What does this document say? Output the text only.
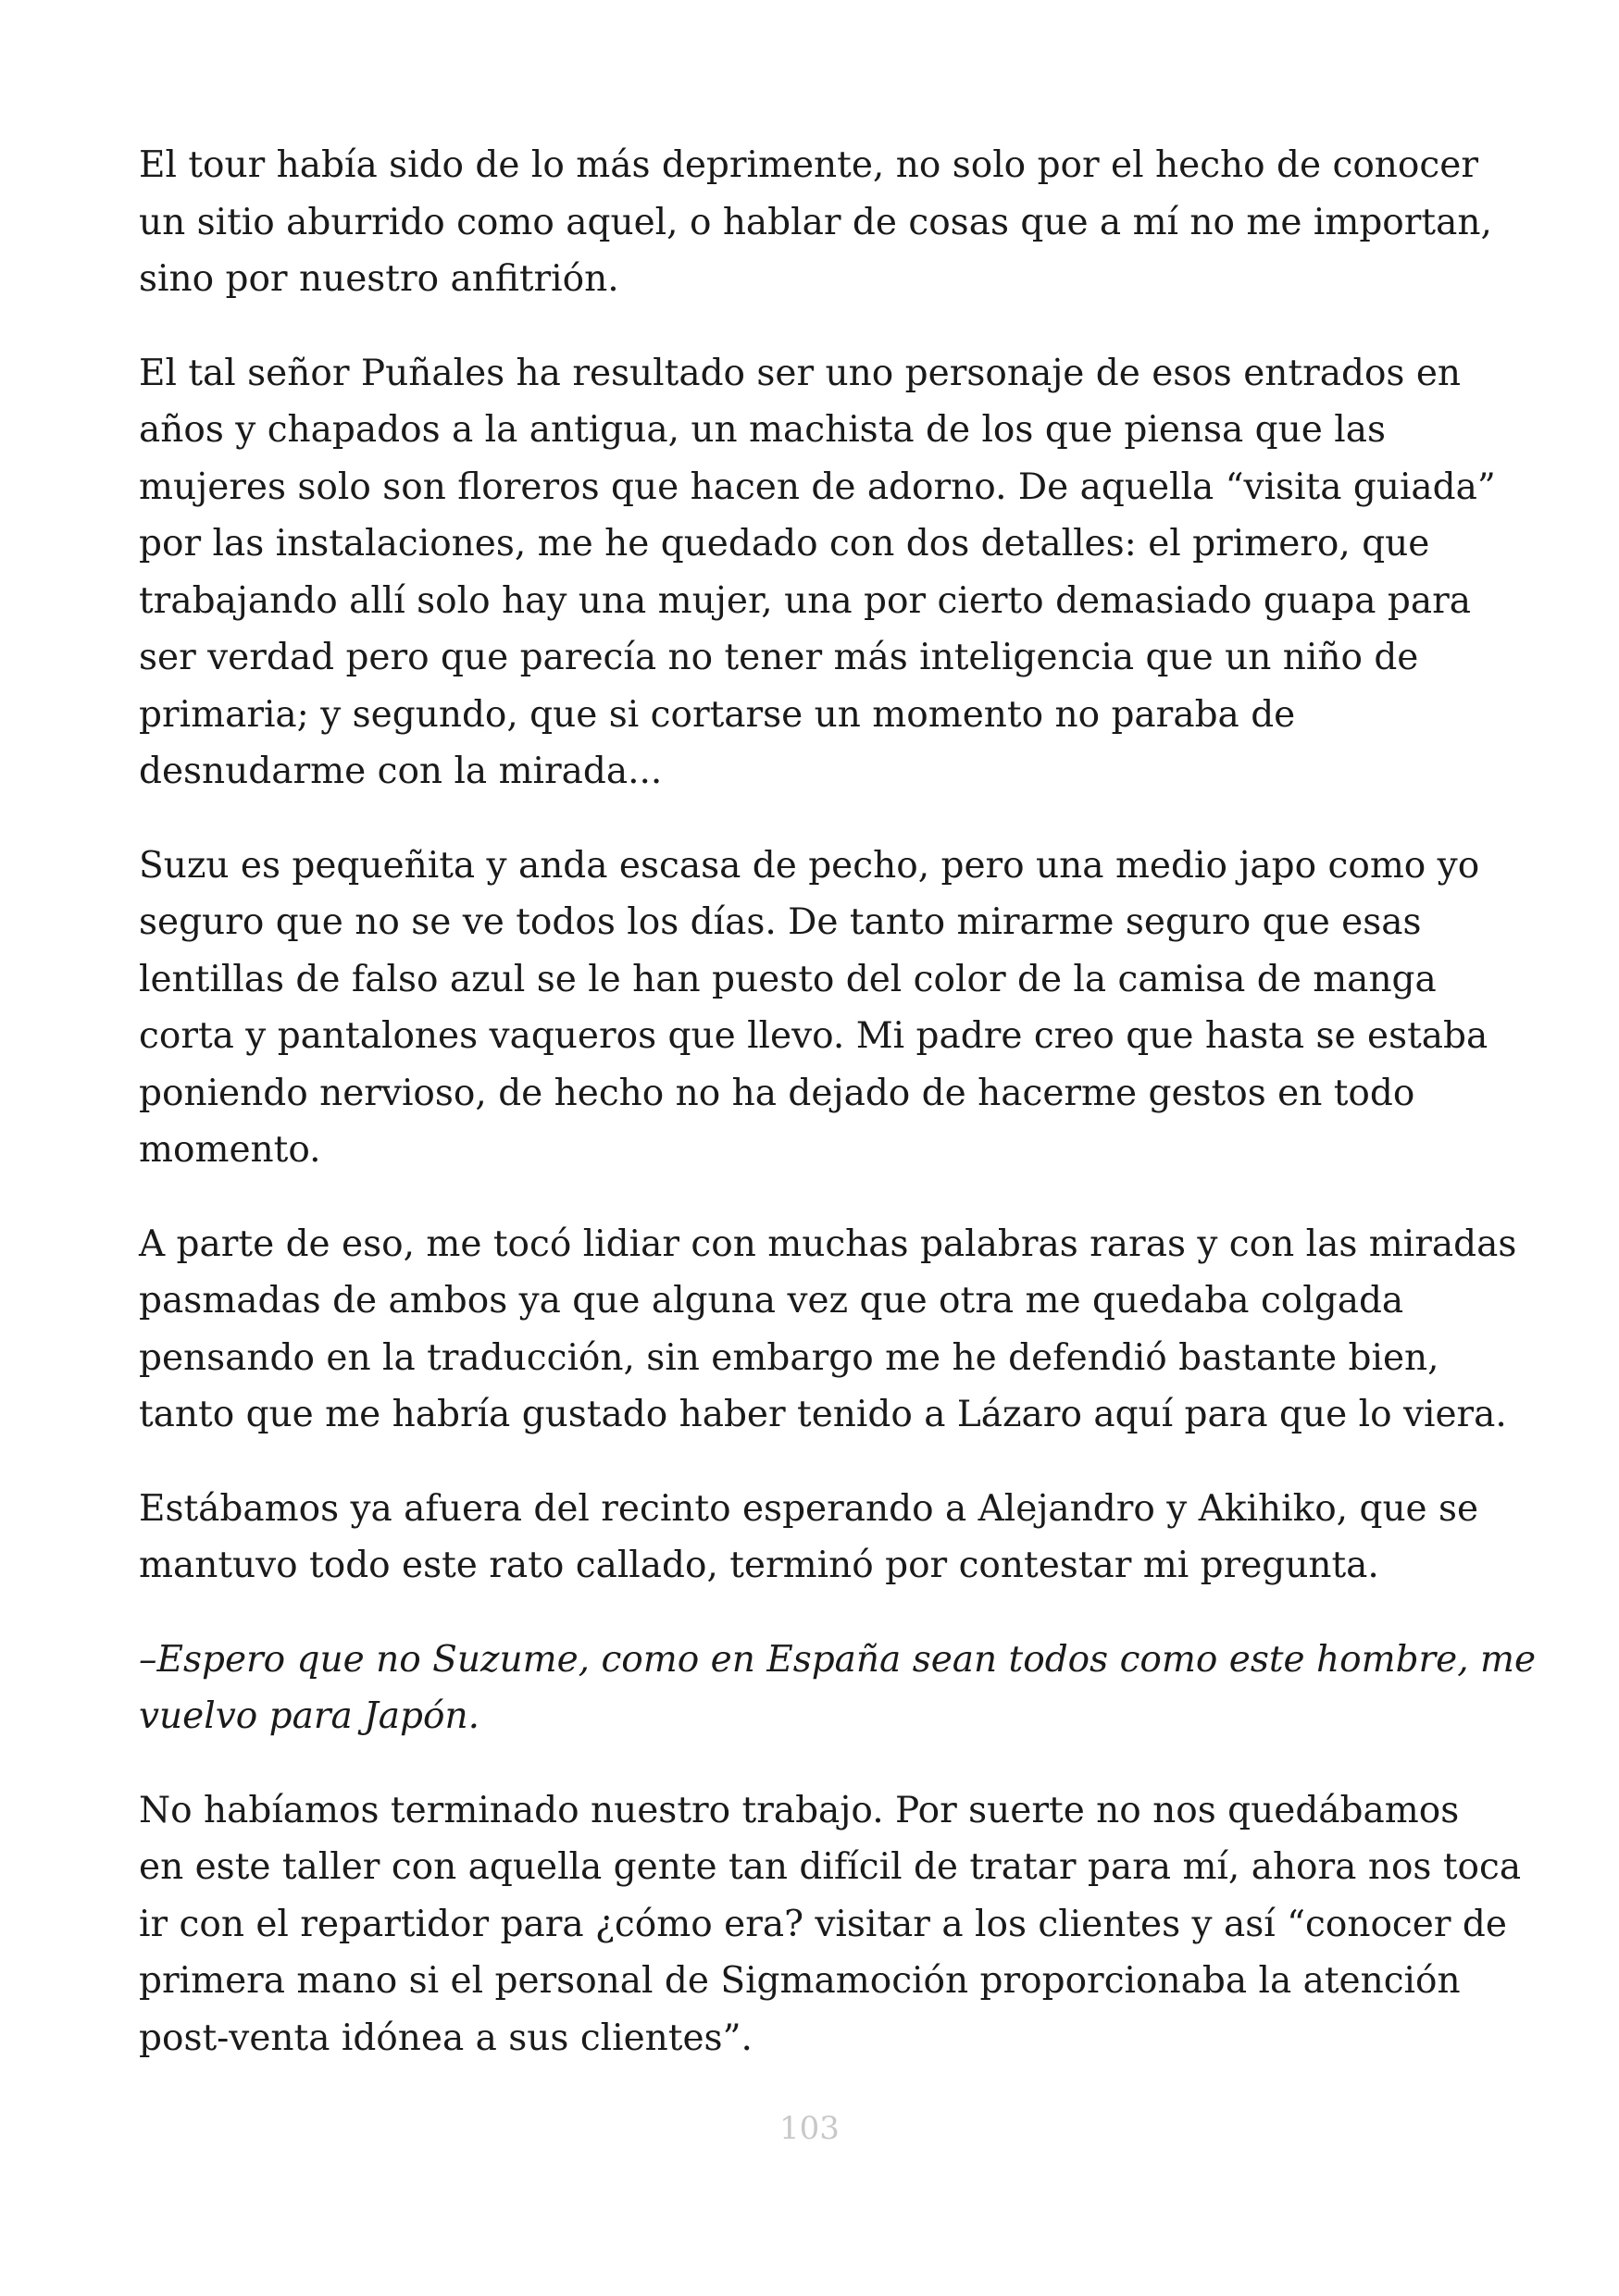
El tour había sido de lo más deprimente, no solo por el hecho de conocer
un sitio aburrido como aquel, o hablar de cosas que a mí no me importan,
sino por nuestro anfitrión.

El tal señor Puñales ha resultado ser uno personaje de esos entrados en
años y chapados a la antigua, un machista de los que piensa que las
mujeres solo son floreros que hacen de adorno. De aquella “visita guiada”
por las instalaciones, me he quedado con dos detalles: el primero, que
trabajando allí solo hay una mujer, una por cierto demasiado guapa para
ser verdad pero que parecía no tener más inteligencia que un niño de
primaria; y segundo, que si cortarse un momento no paraba de
desnudarme con la mirada...

Suzu es pequeñita y anda escasa de pecho, pero una medio japo como yo
seguro que no se ve todos los días. De tanto mirarme seguro que esas
lentillas de falso azul se le han puesto del color de la camisa de manga
corta y pantalones vaqueros que llevo. Mi padre creo que hasta se estaba
poniendo nervioso, de hecho no ha dejado de hacerme gestos en todo
momento.

A parte de eso, me tocó lidiar con muchas palabras raras y con las miradas
pasmadas de ambos ya que alguna vez que otra me quedaba colgada
pensando en la traducción, sin embargo me he defendió bastante bien,
tanto que me habría gustado haber tenido a Lázaro aquí para que lo viera.

Estábamos ya afuera del recinto esperando a Alejandro y Akihiko, que se
mantuvo todo este rato callado, terminó por contestar mi pregunta.

–Espero que no Suzume, como en España sean todos como este hombre, me
vuelvo para Japón.

No habíamos terminado nuestro trabajo. Por suerte no nos quedábamos
en este taller con aquella gente tan difícil de tratar para mí, ahora nos toca
ir con el repartidor para ¿cómo era? visitar a los clientes y así “conocer de
primera mano si el personal de Sigmamoción proporcionaba la atención
post-venta idónea a sus clientes”.

103
